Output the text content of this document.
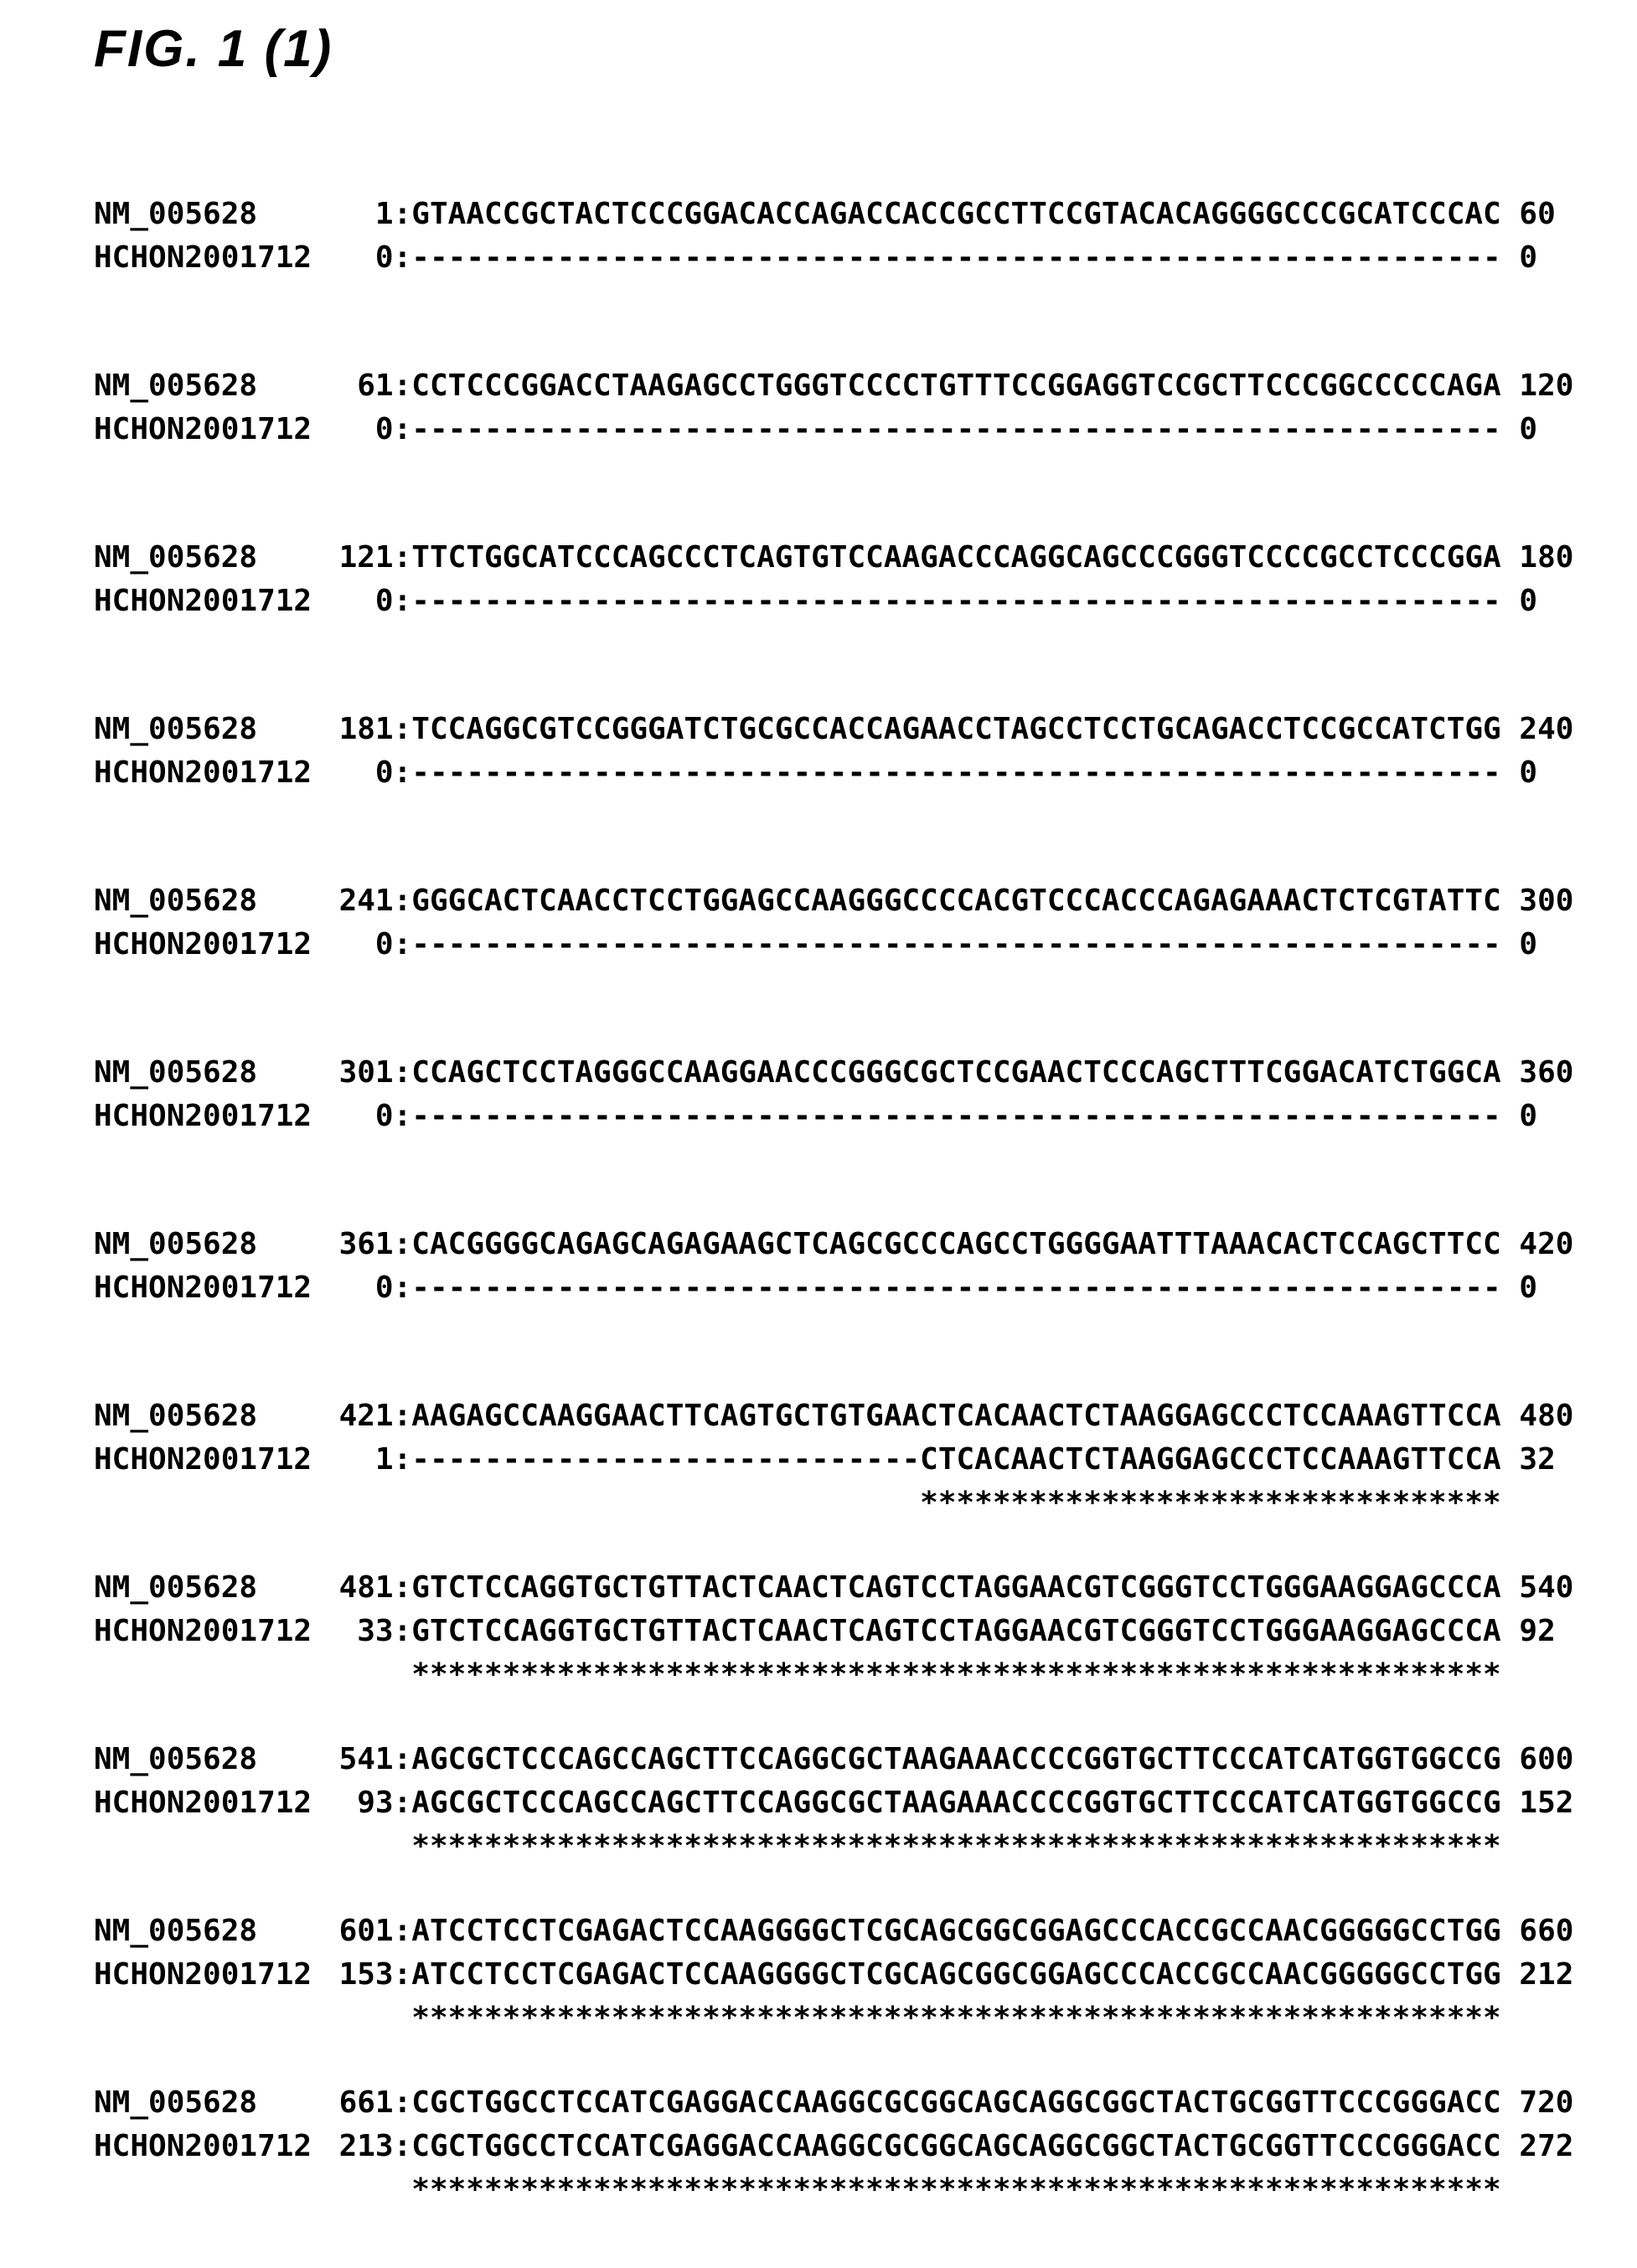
FIG. 1 (1)
NM_005628	1 : GTAACCGCTACTCCCGGACACCAGACCACCGCCTTCCGTACACAGGGGCCCGCATCCCAC 60
HCHON2001712	0 : ------------------------------------------------------------ 0
NM_005628	61 : CCTCCCGGACCTAAGAGCCTGGGTCCCCTGTTTCCGGAGGTCCGCTTCCCGGCCCCCAGA 120
HCHON2001712	0 : ------------------------------------------------------------ 0
NM_005628	121 : TTCTGGCATCCCAGCCCTCAGTGTCCAAGACCCAGGCAGCCCGGGTCCCCGCCTCCCGGA 180
HCHON2001712	0 : ------------------------------------------------------------ 0
NM_005628	181 : TCCAGGCGTCCGGGATCTGCGCCACCAGAACCTAGCCTCCTGCAGACCTCCGCCATCTGG 240
HCHON2001712	0 : ------------------------------------------------------------ 0
NM_005628	241 : GGGCACTCAACCTCCTGGAGCCAAGGGCCCCACGTCCCACCCAGAGAAACTCTCGTATTC 300
HCHON2001712	0 : ------------------------------------------------------------ 0
NM_005628	301 : CCAGCTCCTAGGGCCAAGGAACCCGGGCGCTCCGAACTCCCAGCTTTCGGACATCTGGCA 360
HCHON2001712	0 : ------------------------------------------------------------ 0
NM_005628	361 : CACGGGGCAGAGCAGAGAAGCTCAGCGCCCAGCCTGGGGAATTTAAACACTCCAGCTTCC 420
HCHON2001712	0 : ------------------------------------------------------------ 0
NM_005628	421 : AAGAGCCAAGGAACTTCAGTGCTGTGAACTCACAACTCTAAGGAGCCCTCCAAAGTTCCA 480
HCHON2001712	1 : ----------------------------CTCACAACTCTAAGGAGCCCTCCAAAGTTCCA 32
********************************
NM_005628	481 : GTCTCCAGGTGCTGTTACTCAACTCAGTCCTAGGAACGTCGGGTCCTGGGAAGGAGCCCA 540
HCHON2001712	33 : GTCTCCAGGTGCTGTTACTCAACTCAGTCCTAGGAACGTCGGGTCCTGGGAAGGAGCCCA 92
************************************************************
NM_005628	541 : AGCGCTCCCAGCCAGCTTCCAGGCGCTAAGAAACCCCGGTGCTTCCCATCATGGTGGCCG 600
HCHON2001712	93 : AGCGCTCCCAGCCAGCTTCCAGGCGCTAAGAAACCCCGGTGCTTCCCATCATGGTGGCCG 152
************************************************************
NM_005628	601 : ATCCTCCTCGAGACTCCAAGGGGCTCGCAGCGGCGGAGCCCACCGCCAACGGGGGCCTGG 660
HCHON2001712 153 : ATCCTCCTCGAGACTCCAAGGGGCTCGCAGCGGCGGAGCCCACCGCCAACGGGGGCCTGG 212
************************************************************
NM_005628	661 : CGCTGGCCTCCATCGAGGACCAAGGCGCGGCAGCAGGCGGCTACTGCGGTTCCCGGGACC 720
HCHON2001712 213 : CGCTGGCCTCCATCGAGGACCAAGGCGCGGCAGCAGGCGGCTACTGCGGTTCCCGGGACC 272
************************************************************
